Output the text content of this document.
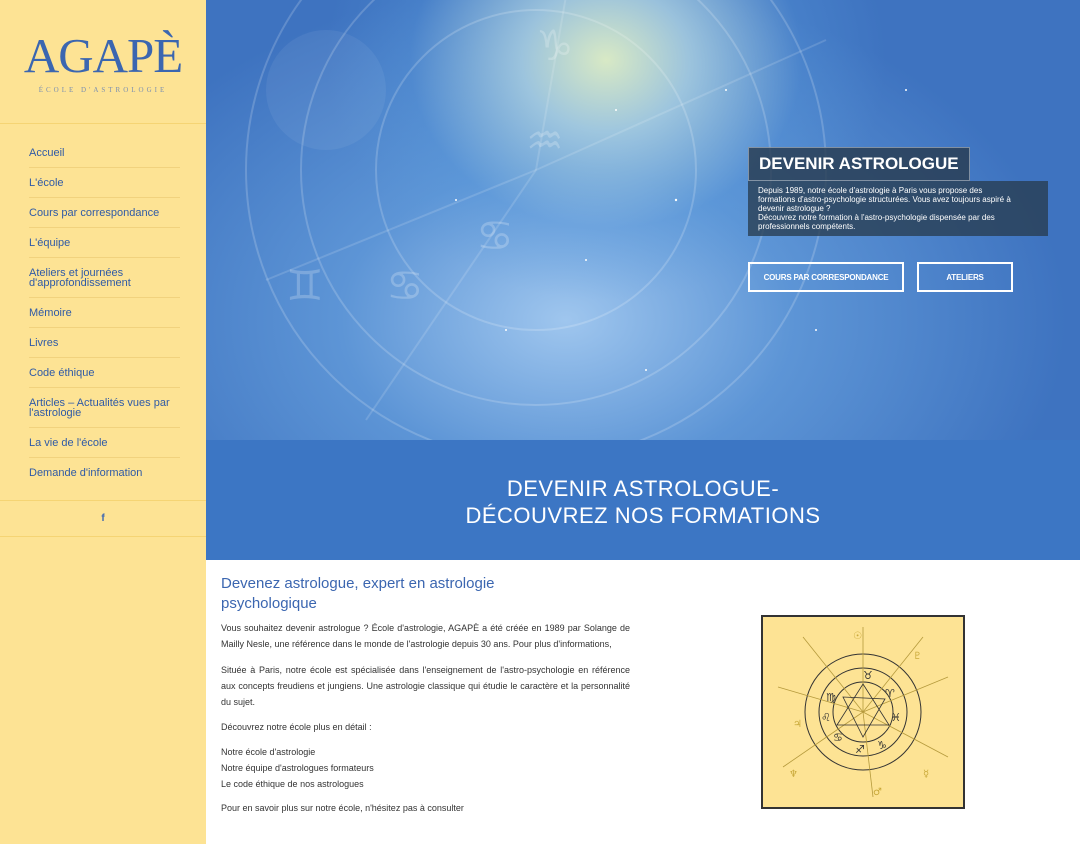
AGAPÈ
ÉCOLE D'ASTROLOGIE
Accueil
L'école
Cours par correspondance
L'équipe
Ateliers et journées d'approfondissement
Mémoire
Livres
Code éthique
Articles – Actualités vues par l'astrologie
La vie de l'école
Demande d'information
f
♑
♒
♋
♋
♊
DEVENIR ASTROLOGUE
Depuis 1989, notre école d'astrologie à Paris vous propose des
formations d'astro-psychologie structurées. Vous avez toujours aspiré à
devenir astrologue ?
Découvrez notre formation à l'astro-psychologie dispensée par des
professionnels compétents.
COURS PAR CORRESPONDANCE	ATELIERS
DEVENIR ASTROLOGUE-
DÉCOUVREZ NOS FORMATIONS
Devenez astrologue, expert en astrologie
psychologique

Vous souhaitez devenir astrologue ? École d'astrologie, AGAPÈ a été créée en 1989 par Solange de Mailly Nesle, une référence dans le monde de l'astrologie depuis 30 ans. Pour plus d'informations,

Située à Paris, notre école est spécialisée dans l'enseignement de l'astro-psychologie en référence aux concepts freudiens et jungiens. Une astrologie classique qui étudie le caractère et la personnalité du sujet.

Découvrez notre école plus en détail :

Notre école d'astrologie
Notre équipe d'astrologues formateurs
Le code éthique de nos astrologues

Pour en savoir plus sur notre école, n'hésitez pas à consulter

♍
♌
♋
♐ ♑
♓
♈
♉
☉
♇
♆	☿
♂
♃
